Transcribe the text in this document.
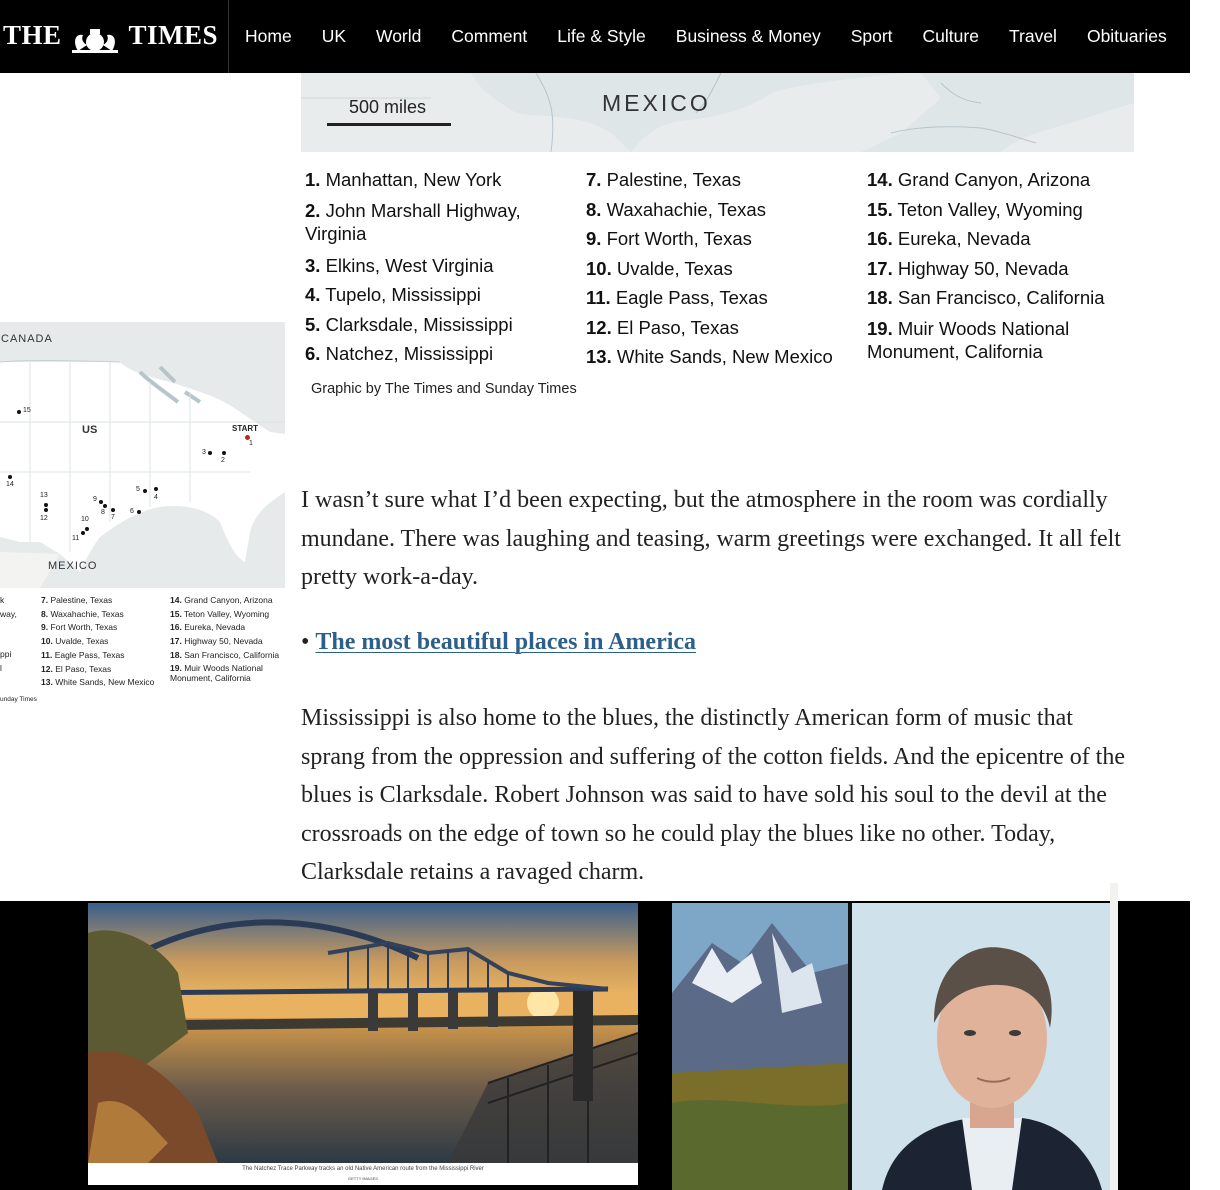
THE TIMES Home UK World Comment Life & Style Business & Money Sport Culture Travel Obituaries
500 miles	MEXICO
1. Manhattan, New York
2. John Marshall Highway, Virginia
3. Elkins, West Virginia
4. Tupelo, Mississippi
5. Clarksdale, Mississippi
6. Natchez, Mississippi
7. Palestine, Texas
8. Waxahachie, Texas
9. Fort Worth, Texas
10. Uvalde, Texas
11. Eagle Pass, Texas
12. El Paso, Texas
13. White Sands, New Mexico
14. Grand Canyon, Arizona
15. Teton Valley, Wyoming
16. Eureka, Nevada
17. Highway 50, Nevada
18. San Francisco, California
19. Muir Woods National Monument, California
Graphic by The Times and Sunday Times
CANADA
US	START
MEXICO
1
2
3
4
5
6
7
8
9
10
11
12
13
14
15
k
way,
ppi
l
7. Palestine, Texas
8. Waxahachie, Texas
9. Fort Worth, Texas
10. Uvalde, Texas
11. Eagle Pass, Texas
12. El Paso, Texas
13. White Sands, New Mexico
14. Grand Canyon, Arizona
15. Teton Valley, Wyoming
16. Eureka, Nevada
17. Highway 50, Nevada
18. San Francisco, California
19. Muir Woods National Monument, California
unday Times

I wasn’t sure what I’d been expecting, but the atmosphere in the room was cordially mundane. There was laughing and teasing, warm greetings were exchanged. It all felt pretty work-a-day.

• The most beautiful places in America

Mississippi is also home to the blues, the distinctly American form of music that sprang from the oppression and suffering of the cotton fields. And the epicentre of the blues is Clarksdale. Robert Johnson was said to have sold his soul to the devil at the crossroads on the edge of town so he could play the blues like no other. Today, Clarksdale retains a ravaged charm.

The Natchez Trace Parkway tracks an old Native American route from the Mississippi River
GETTY IMAGES
